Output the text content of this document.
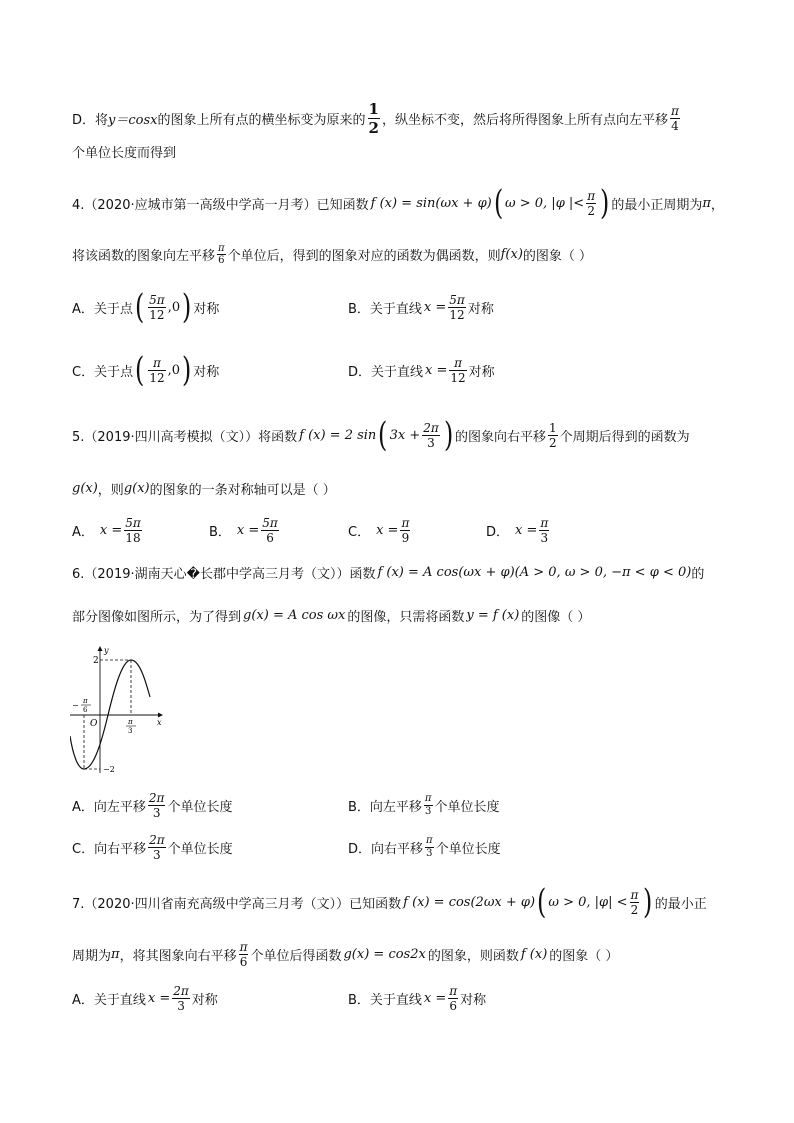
D．将 y＝cosx 的图象上所有点的横坐标变为原来的 $\frac{1}{2}$ ，纵坐标不变，然后将所得图象上所有点向左平移 $\frac{\pi}{4}$
个单位长度而得到
4.（2020·应城市第一高级中学高一月考）已知函数 f (x) = sin(ωx + φ) ( ω > 0, |φ |< $\frac{\pi}{2}$ ) 的最小正周期为 π ，
将该函数的图象向左平移 $\frac{\pi}{6}$ 个单位后，得到的图象对应的函数为偶函数，则 f(x) 的图象（ ）
A．关于点 ( $\frac{5\pi}{12} ,0$ ) 对称	B．关于直线 $x = \frac{5\pi}{12}$ 对称
C．关于点 ( $\frac{\pi}{12} ,0$ ) 对称	D．关于直线 $x = \frac{\pi}{12}$ 对称
5.（2019·四川高考模拟（文））将函数 f (x) = 2 sin ( $3x + \frac{2\pi}{3}$ ) 的图象向右平移 $\frac{1}{2}$ 个周期后得到的函数为
g(x) ，则 g(x) 的图象的一条对称轴可以是（ ）
A． $x = \frac{5\pi}{18}$	B． $x = \frac{5\pi}{6}$	C． $x = \frac{\pi}{9}$	D． $x = \frac{\pi}{3}$
6.（2019·湖南天心�长郡中学高三月考（文））函数 f (x) = A cos(ωx + φ)(A > 0, ω > 0, −π < φ < 0) 的
部分图像如图所示，为了得到 g(x) = A cos ωx 的图像，只需将函数 y = f (x) 的图像（ ）
y
x
O
2
−2
− π
6
π
3
A．向左平移 $\frac{2\pi}{3}$ 个单位长度	B．向左平移 $\frac{\pi}{3}$ 个单位长度
C．向右平移 $\frac{2\pi}{3}$ 个单位长度	D．向右平移 $\frac{\pi}{3}$ 个单位长度
7.（2020·四川省南充高级中学高三月考（文））已知函数 f (x) = cos(2ωx + φ) ( ω > 0, $|\varphi| < \frac{\pi}{2}$ ) 的最小正
周期为 π ，将其图象向右平移 $\frac{\pi}{6}$ 个单位后得函数 g(x) = cos2x 的图象，则函数 f (x) 的图象（ ）
A．关于直线 $x = \frac{2\pi}{3}$ 对称	B．关于直线 $x = \frac{\pi}{6}$ 对称
